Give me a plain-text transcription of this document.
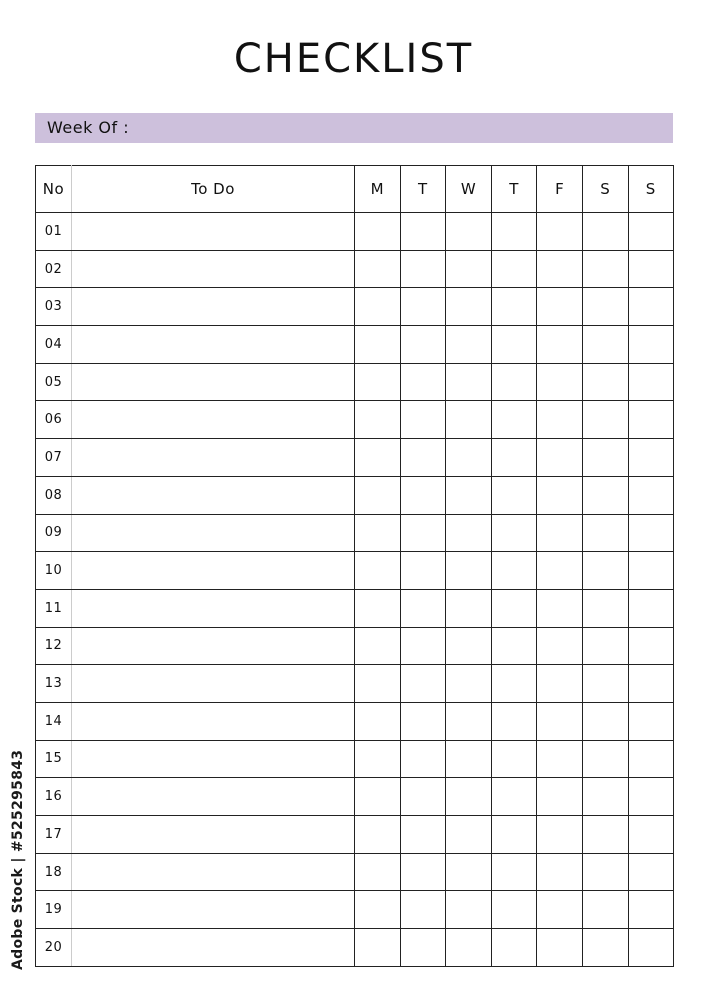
CHECKLIST
Week Of :
No	To Do	M	T	W	T	F	S	S
01								
02								
03								
04								
05								
06								
07								
08								
09								
10								
11								
12								
13								
14								
15								
16								
17								
18								
19								
20								
Adobe Stock | #525295843
